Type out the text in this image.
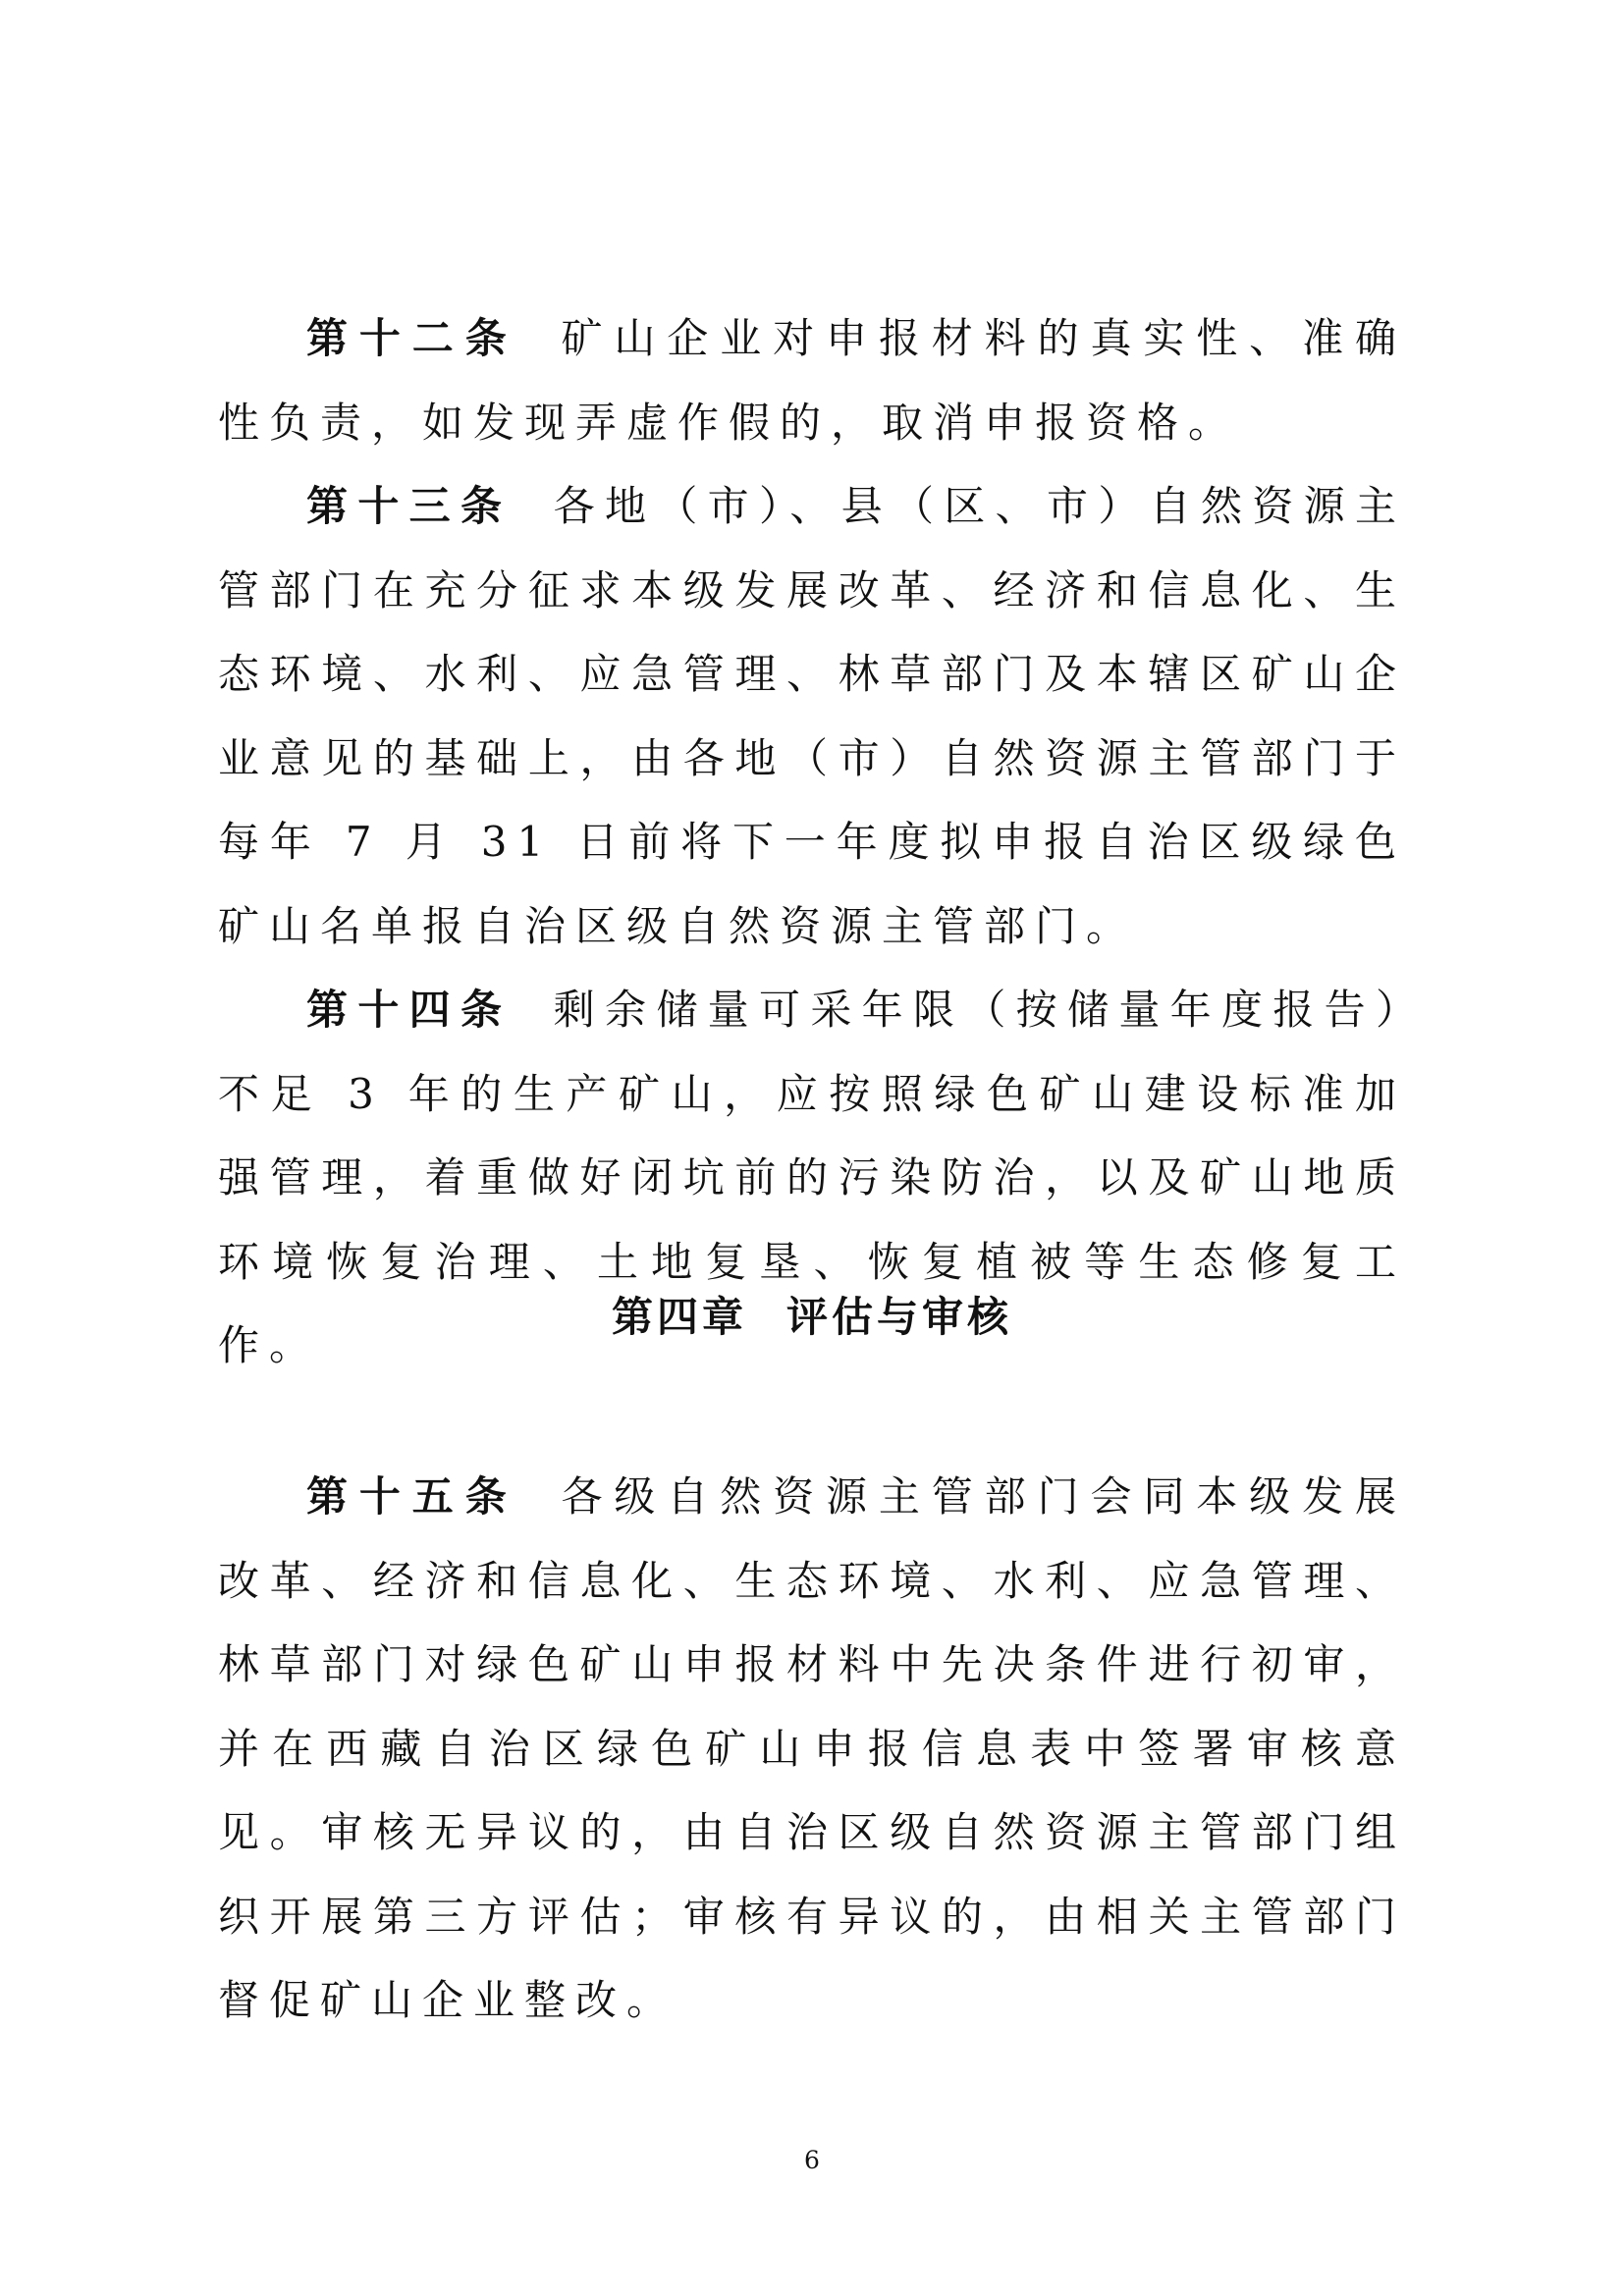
第十二条 矿山企业对申报材料的真实性、准确性负责，如发现弄虚作假的，取消申报资格。

第十三条 各地（市）、县（区、市）自然资源主管部门在充分征求本级发展改革、经济和信息化、生态环境、水利、应急管理、林草部门及本辖区矿山企业意见的基础上，由各地（市）自然资源主管部门于每年 7 月 31 日前将下一年度拟申报自治区级绿色矿山名单报自治区级自然资源主管部门。

第十四条 剩余储量可采年限（按储量年度报告）不足 3 年的生产矿山，应按照绿色矿山建设标准加强管理，着重做好闭坑前的污染防治，以及矿山地质环境恢复治理、土地复垦、恢复植被等生态修复工作。

第四章 评估与审核

第十五条 各级自然资源主管部门会同本级发展改革、经济和信息化、生态环境、水利、应急管理、林草部门对绿色矿山申报材料中先决条件进行初审，并在西藏自治区绿色矿山申报信息表中签署审核意见。审核无异议的，由自治区级自然资源主管部门组织开展第三方评估；审核有异议的，由相关主管部门督促矿山企业整改。

6
